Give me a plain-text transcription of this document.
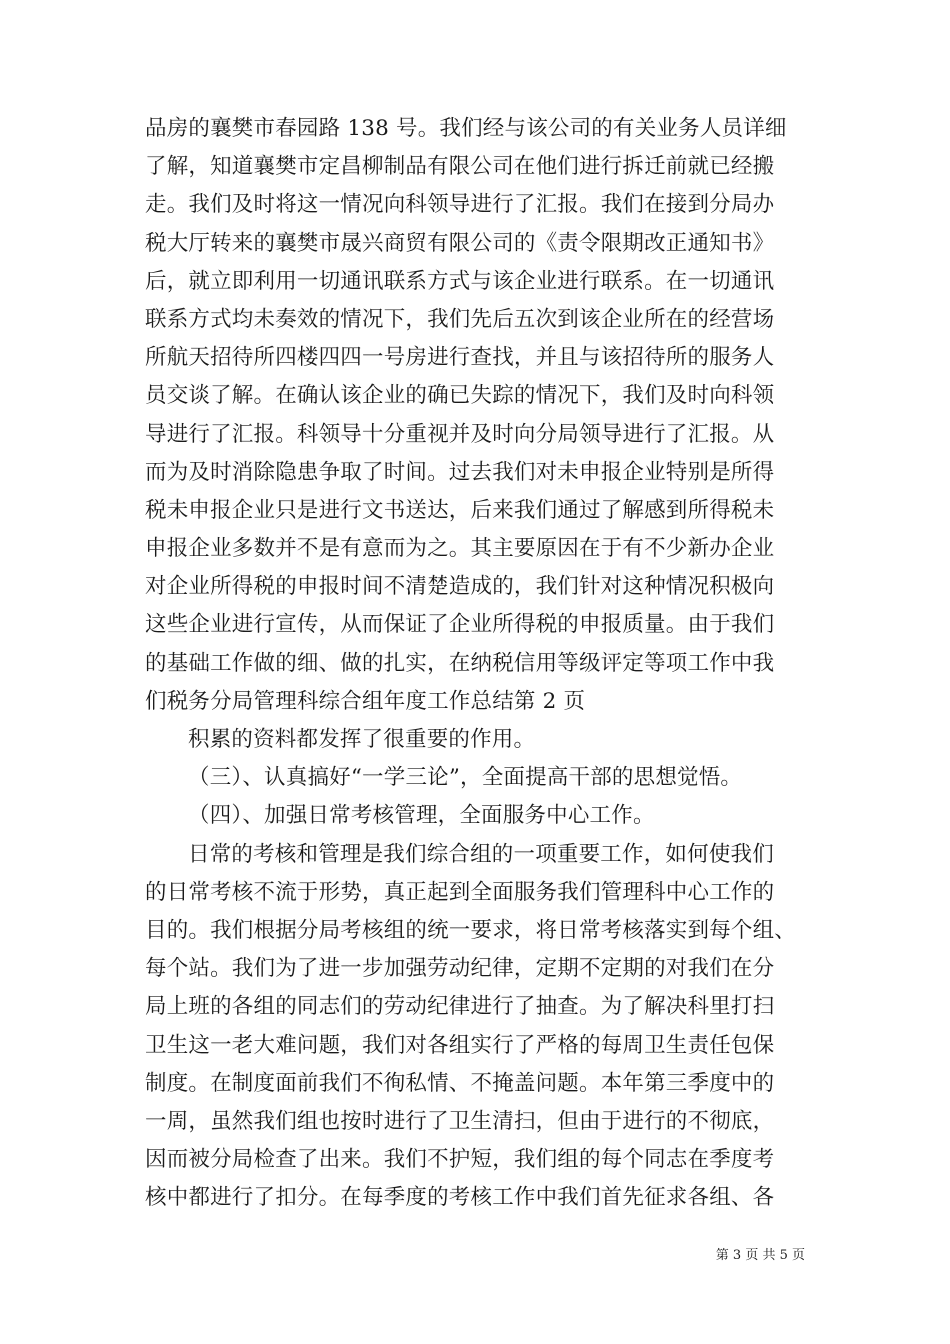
品房的襄樊市春园路 138 号。我们经与该公司的有关业务人员详细
了解，知道襄樊市定昌柳制品有限公司在他们进行拆迁前就已经搬
走。我们及时将这一情况向科领导进行了汇报。我们在接到分局办
税大厅转来的襄樊市晟兴商贸有限公司的《责令限期改正通知书》
后，就立即利用一切通讯联系方式与该企业进行联系。在一切通讯
联系方式均未奏效的情况下，我们先后五次到该企业所在的经营场
所航天招待所四楼四四一号房进行查找，并且与该招待所的服务人
员交谈了解。在确认该企业的确已失踪的情况下，我们及时向科领
导进行了汇报。科领导十分重视并及时向分局领导进行了汇报。从
而为及时消除隐患争取了时间。过去我们对未申报企业特别是所得
税未申报企业只是进行文书送达，后来我们通过了解感到所得税未
申报企业多数并不是有意而为之。其主要原因在于有不少新办企业
对企业所得税的申报时间不清楚造成的，我们针对这种情况积极向
这些企业进行宣传，从而保证了企业所得税的申报质量。由于我们
的基础工作做的细、做的扎实，在纳税信用等级评定等项工作中我
们税务分局管理科综合组年度工作总结第 2 页
积累的资料都发挥了很重要的作用。
（三）、认真搞好“一学三论”，全面提高干部的思想觉悟。
（四）、加强日常考核管理，全面服务中心工作。
日常的考核和管理是我们综合组的一项重要工作，如何使我们
的日常考核不流于形势，真正起到全面服务我们管理科中心工作的
目的。我们根据分局考核组的统一要求，将日常考核落实到每个组、
每个站。我们为了进一步加强劳动纪律，定期不定期的对我们在分
局上班的各组的同志们的劳动纪律进行了抽查。为了解决科里打扫
卫生这一老大难问题，我们对各组实行了严格的每周卫生责任包保
制度。在制度面前我们不徇私情、不掩盖问题。本年第三季度中的
一周，虽然我们组也按时进行了卫生清扫，但由于进行的不彻底，
因而被分局检查了出来。我们不护短，我们组的每个同志在季度考
核中都进行了扣分。在每季度的考核工作中我们首先征求各组、各
第 3 页 共 5 页
